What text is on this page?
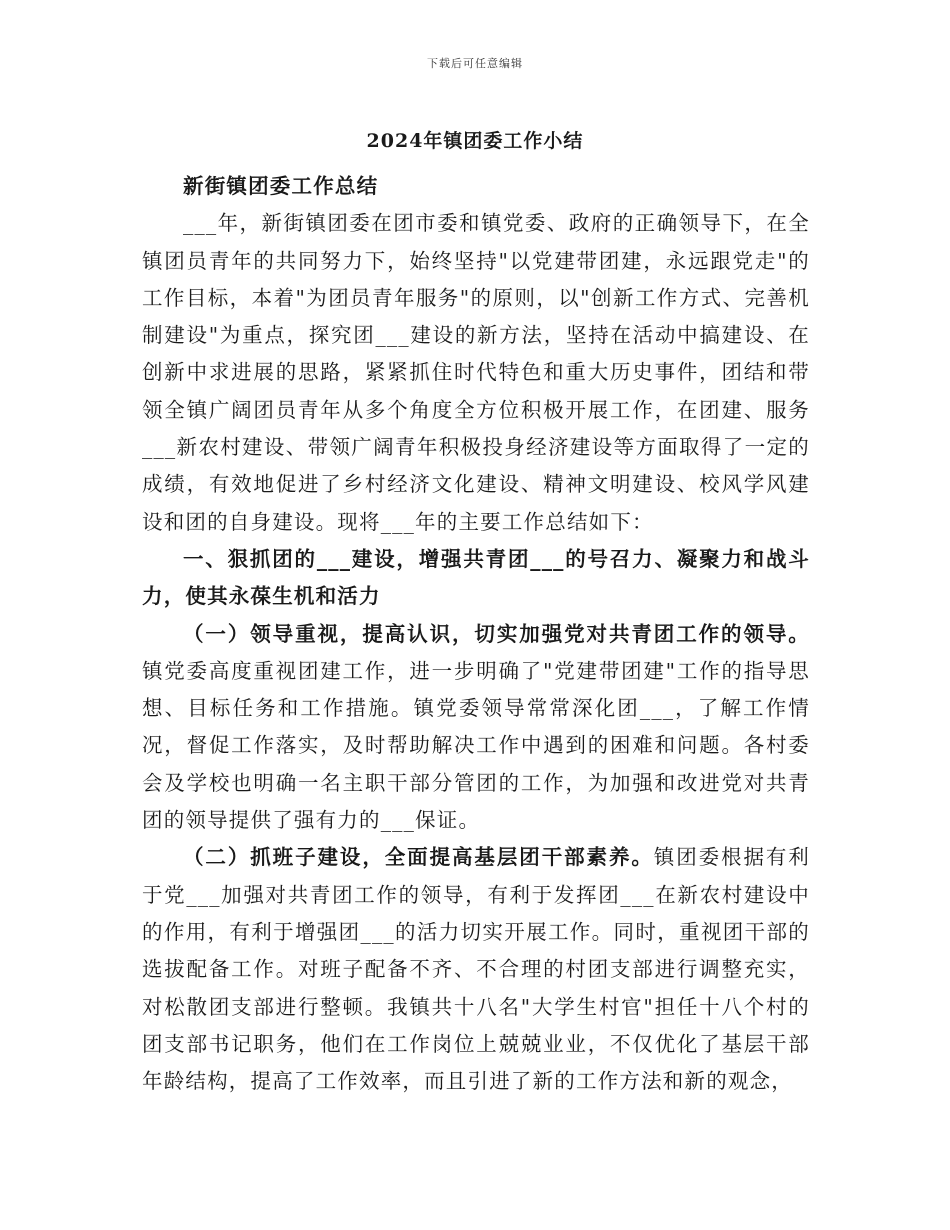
下载后可任意编辑
2024年镇团委工作小结

新街镇团委工作总结

___年，新街镇团委在团市委和镇党委、政府的正确领导下，在全镇团员青年的共同努力下，始终坚持"以党建带团建，永远跟党走"的工作目标，本着"为团员青年服务"的原则，以"创新工作方式、完善机制建设"为重点，探究团___建设的新方法，坚持在活动中搞建设、在创新中求进展的思路，紧紧抓住时代特色和重大历史事件，团结和带领全镇广阔团员青年从多个角度全方位积极开展工作，在团建、服务___新农村建设、带领广阔青年积极投身经济建设等方面取得了一定的成绩，有效地促进了乡村经济文化建设、精神文明建设、校风学风建设和团的自身建设。现将___年的主要工作总结如下：

一、狠抓团的___建设，增强共青团___的号召力、凝聚力和战斗力，使其永葆生机和活力

（一）领导重视，提高认识，切实加强党对共青团工作的领导。镇党委高度重视团建工作，进一步明确了"党建带团建"工作的指导思想、目标任务和工作措施。镇党委领导常常深化团___，了解工作情况，督促工作落实，及时帮助解决工作中遇到的困难和问题。各村委会及学校也明确一名主职干部分管团的工作，为加强和改进党对共青团的领导提供了强有力的___保证。

（二）抓班子建设，全面提高基层团干部素养。镇团委根据有利于党___加强对共青团工作的领导，有利于发挥团___在新农村建设中的作用，有利于增强团___的活力切实开展工作。同时，重视团干部的选拔配备工作。对班子配备不齐、不合理的村团支部进行调整充实，对松散团支部进行整顿。我镇共十八名"大学生村官"担任十八个村的团支部书记职务，他们在工作岗位上兢兢业业，不仅优化了基层干部年龄结构，提高了工作效率，而且引进了新的工作方法和新的观念，
